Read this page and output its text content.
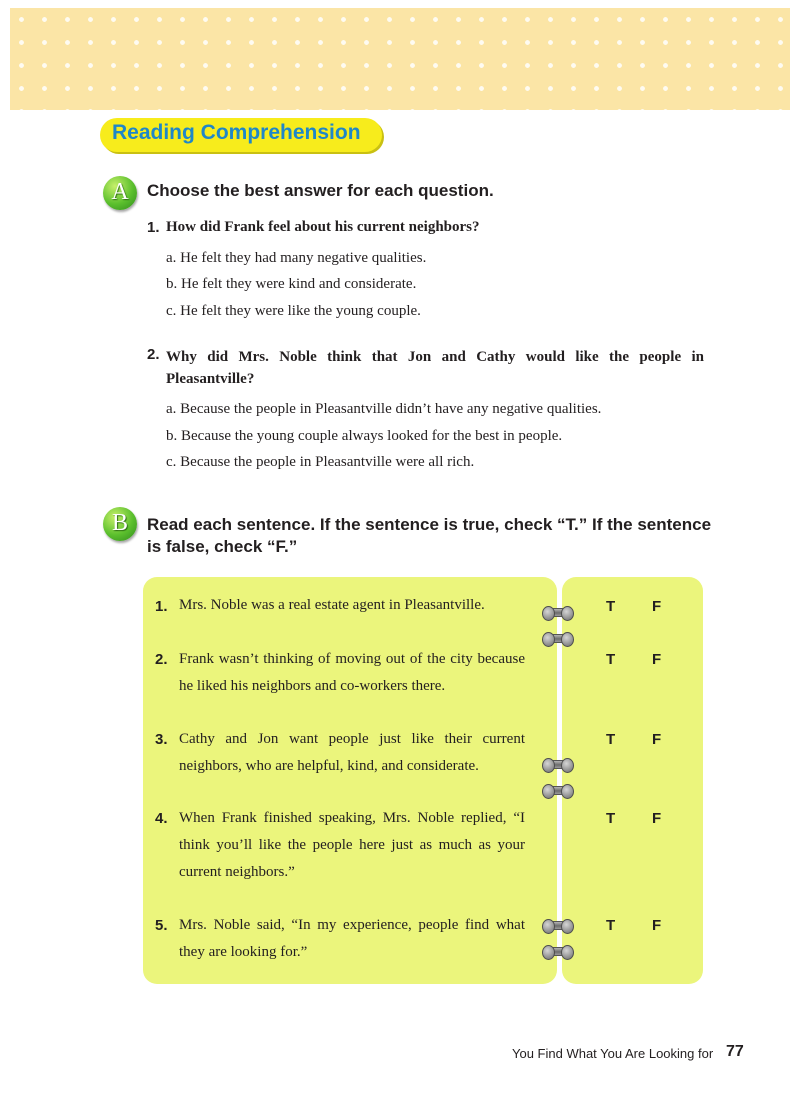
Reading Comprehension
A	Choose the best answer for each question.
1. How did Frank feel about his current neighbors?
a. He felt they had many negative qualities.
b. He felt they were kind and considerate.
c. He felt they were like the young couple.
2. Why did Mrs. Noble think that Jon and Cathy would like the people in Pleasantville?
a. Because the people in Pleasantville didn’t have any negative qualities.
b. Because the young couple always looked for the best in people.
c. Because the people in Pleasantville were all rich.
B	Read each sentence. If the sentence is true, check “T.” If the sentence is false, check “F.”
1. Mrs. Noble was a real estate agent in Pleasantville.	T F
2. Frank wasn’t thinking of moving out of the city because he liked his neighbors and co-workers there.
T F
3. Cathy and Jon want people just like their current neighbors, who are helpful, kind, and considerate.
T F
4. When Frank finished speaking, Mrs. Noble replied, “I think you’ll like the people here just as much as your current neighbors.”
T F
5. Mrs. Noble said, “In my experience, people find what they are looking for.”
T F
You Find What You Are Looking for 77
